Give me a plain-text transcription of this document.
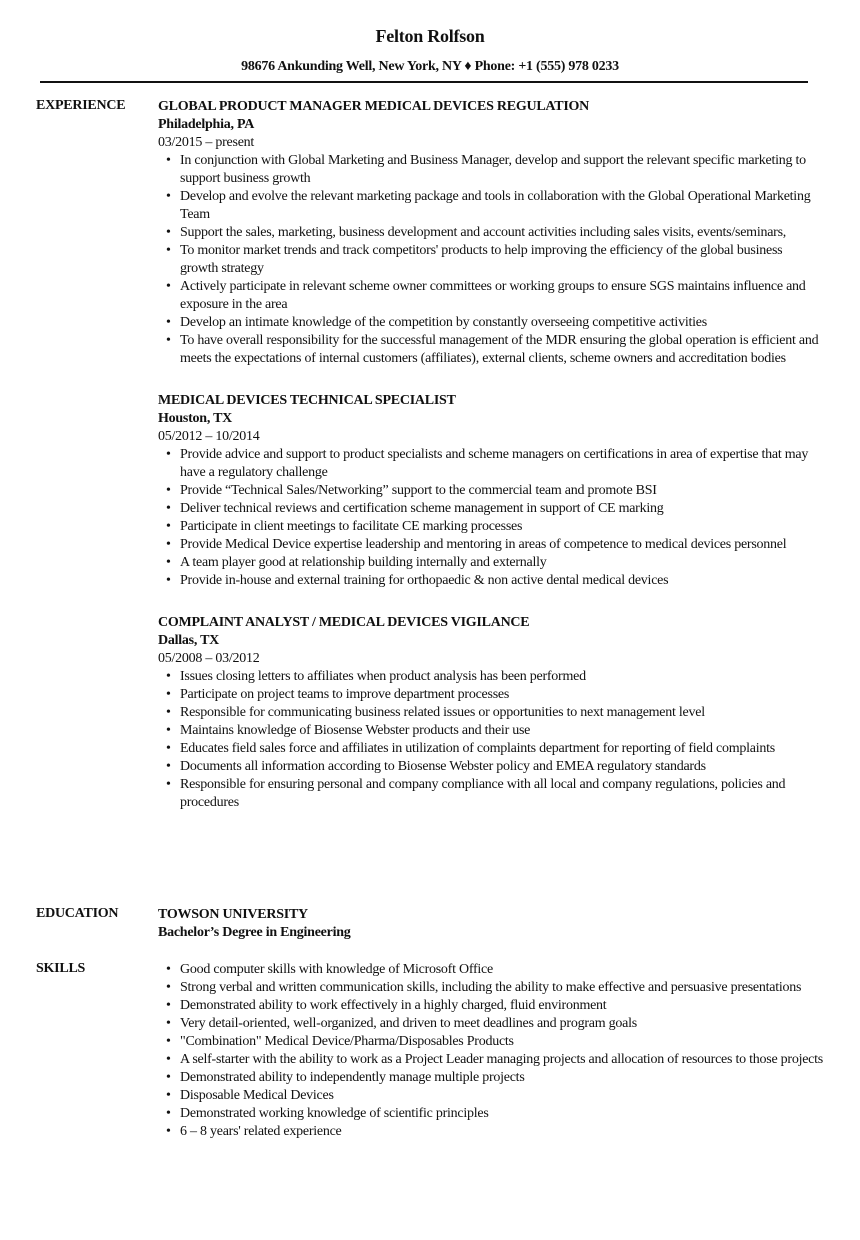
Felton Rolfson
98676 Ankunding Well, New York, NY ♦ Phone: +1 (555) 978 0233
EXPERIENCE GLOBAL PRODUCT MANAGER MEDICAL DEVICES REGULATION
Philadelphia, PA
03/2015 – present
• In conjunction with Global Marketing and Business Manager, develop and support the relevant specific marketing to support business growth
• Develop and evolve the relevant marketing package and tools in collaboration with the Global Operational Marketing Team
• Support the sales, marketing, business development and account activities including sales visits, events/seminars,
• To monitor market trends and track competitors' products to help improving the efficiency of the global business growth strategy
• Actively participate in relevant scheme owner committees or working groups to ensure SGS maintains influence and exposure in the area
• Develop an intimate knowledge of the competition by constantly overseeing competitive activities
• To have overall responsibility for the successful management of the MDR ensuring the global operation is efficient and meets the expectations of internal customers (affiliates), external clients, scheme owners and accreditation bodies
MEDICAL DEVICES TECHNICAL SPECIALIST
Houston, TX
05/2012 – 10/2014
• Provide advice and support to product specialists and scheme managers on certifications in area of expertise that may have a regulatory challenge
• Provide “Technical Sales/Networking” support to the commercial team and promote BSI
• Deliver technical reviews and certification scheme management in support of CE marking
• Participate in client meetings to facilitate CE marking processes
• Provide Medical Device expertise leadership and mentoring in areas of competence to medical devices personnel
• A team player good at relationship building internally and externally
• Provide in-house and external training for orthopaedic & non active dental medical devices
COMPLAINT ANALYST / MEDICAL DEVICES VIGILANCE
Dallas, TX
05/2008 – 03/2012
• Issues closing letters to affiliates when product analysis has been performed
• Participate on project teams to improve department processes
• Responsible for communicating business related issues or opportunities to next management level
• Maintains knowledge of Biosense Webster products and their use
• Educates field sales force and affiliates in utilization of complaints department for reporting of field complaints
• Documents all information according to Biosense Webster policy and EMEA regulatory standards
• Responsible for ensuring personal and company compliance with all local and company regulations, policies and procedures
EDUCATION	TOWSON UNIVERSITY
Bachelor’s Degree in Engineering
SKILLS	• Good computer skills with knowledge of Microsoft Office
• Strong verbal and written communication skills, including the ability to make effective and persuasive presentations
• Demonstrated ability to work effectively in a highly charged, fluid environment
• Very detail-oriented, well-organized, and driven to meet deadlines and program goals
• "Combination" Medical Device/Pharma/Disposables Products
• A self-starter with the ability to work as a Project Leader managing projects and allocation of resources to those projects
• Demonstrated ability to independently manage multiple projects
• Disposable Medical Devices
• Demonstrated working knowledge of scientific principles
• 6 – 8 years' related experience
